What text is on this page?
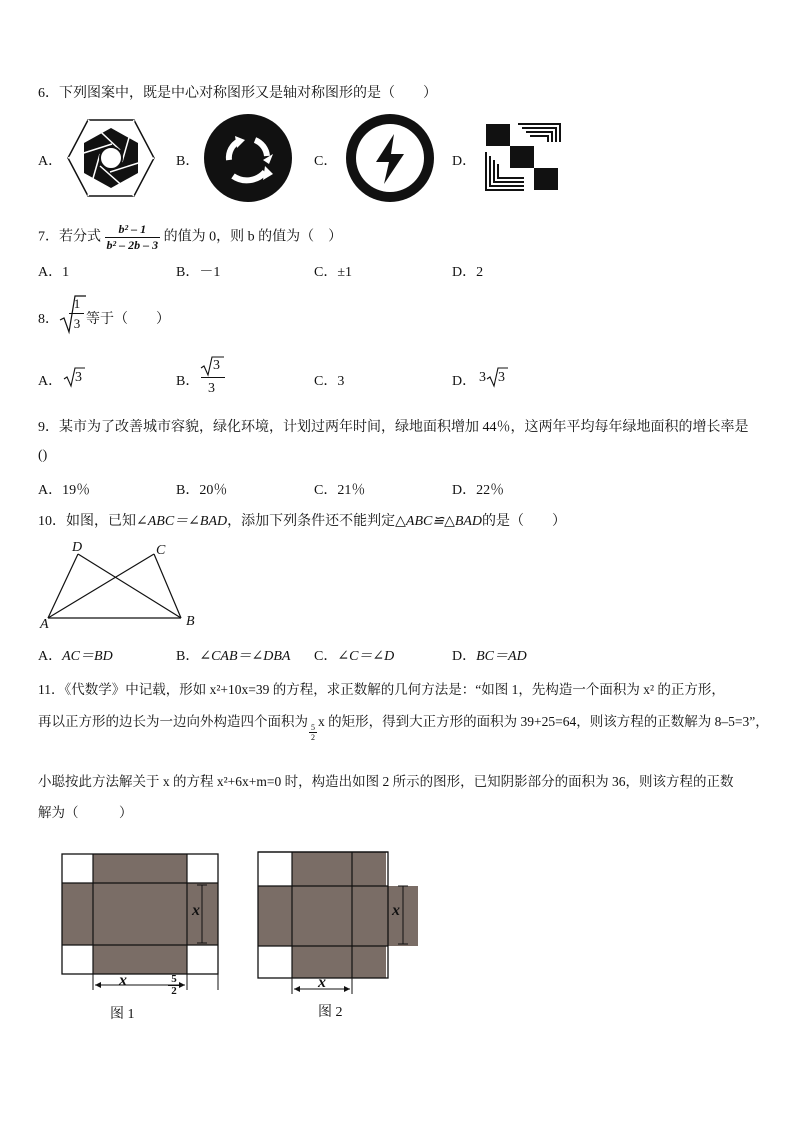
6．下列图案中，既是中心对称图形又是轴对称图形的是（　　）
A．	B．	C．	D．
7．若分式 $\frac{\text{b² – 1}}{\text{b² – 2b – 3}}$ 的值为 0，则 b 的值为（　）
A．1	B．－1	C．±1	D．2
8．
1
3 等于（　　）
A． 3	B．
3
3	C．3	D． 3 3
9．某市为了改善城市容貌，绿化环境，计划过两年时间，绿地面积增加 44％，这两年平均每年绿地面积的增长率是
()
A．19％	B．20％	C．21％	D．22％
10．如图，已知∠ABC＝∠BAD，添加下列条件还不能判定△ABC≌△BAD的是（　　）
D	C
A	B
A．AC＝BD	B．∠CAB＝∠DBA C．∠C＝∠D	D．BC＝AD
11．《代数学》中记载，形如 x²+10x=39 的方程，求正数解的几何方法是：“如图 1，先构造一个面积为 x² 的正方形，
再以正方形的边长为一边向外构造四个面积为
$\frac{5}{2}$
x 的矩形，得到大正方形的面积为 39+25=64，则该方程的正数解为 8–5=3”，
小聪按此方法解关于 x 的方程 x²+6x+m=0 时，构造出如图 2 所示的图形，已知阴影部分的面积为 36，则该方程的正数
解为（　　　）
x
x	5
2
图 1
x
x
图 2
